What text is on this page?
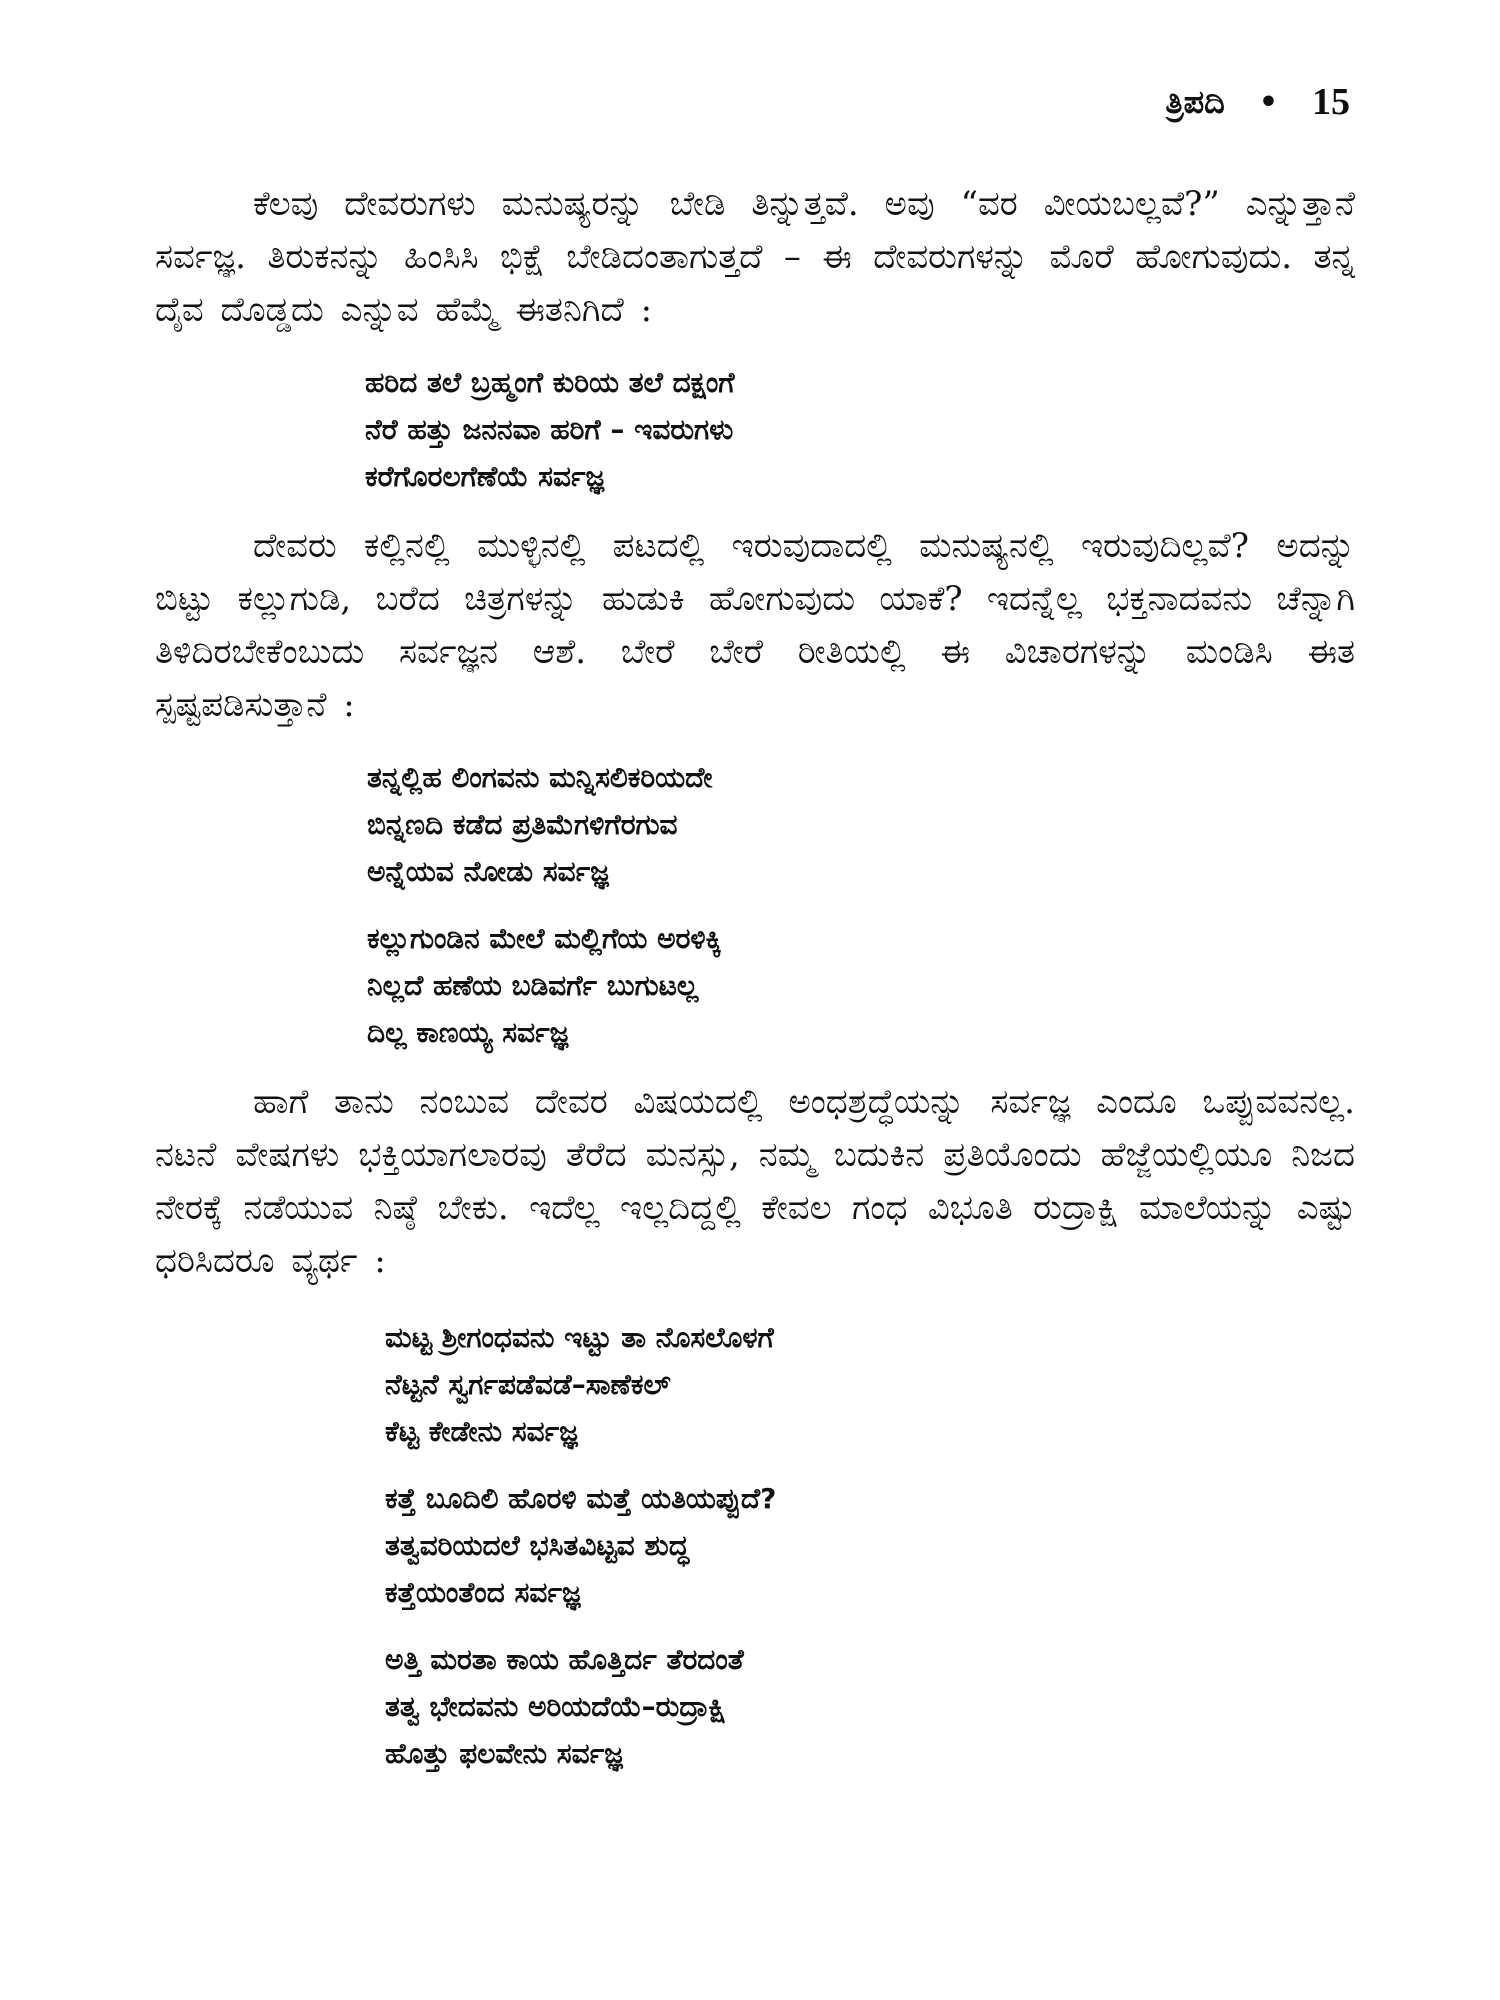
ತ್ರಿಪದಿ • 15

ಕೆಲವು ದೇವರುಗಳು ಮನುಷ್ಯರನ್ನು ಬೇಡಿ ತಿನ್ನುತ್ತವೆ. ಅವು “ವರ ವೀಯಬಲ್ಲವೆ?” ಎನ್ನುತ್ತಾನೆ ಸರ್ವಜ್ಞ. ತಿರುಕನನ್ನು ಹಿಂಸಿಸಿ ಭಿಕ್ಷೆ ಬೇಡಿದಂತಾಗುತ್ತದೆ – ಈ ದೇವರುಗಳನ್ನು ಮೊರೆ ಹೋಗುವುದು. ತನ್ನ ದೈವ ದೊಡ್ಡದು ಎನ್ನುವ ಹೆಮ್ಮೆ ಈತನಿಗಿದೆ :

ಹರಿದ ತಲೆ ಬ್ರಹ್ಮಂಗೆ ಕುರಿಯ ತಲೆ ದಕ್ಷಂಗೆ
ನೆರೆ ಹತ್ತು ಜನನವಾ ಹರಿಗೆ – ಇವರುಗಳು
ಕರೆಗೊರಲಗೆಣೆಯೆ ಸರ್ವಜ್ಞ

ದೇವರು ಕಲ್ಲಿನಲ್ಲಿ ಮುಳ್ಳಿನಲ್ಲಿ ಪಟದಲ್ಲಿ ಇರುವುದಾದಲ್ಲಿ ಮನುಷ್ಯನಲ್ಲಿ ಇರುವುದಿಲ್ಲವೆ? ಅದನ್ನು ಬಿಟ್ಟು ಕಲ್ಲುಗುಡಿ, ಬರೆದ ಚಿತ್ರಗಳನ್ನು ಹುಡುಕಿ ಹೋಗುವುದು ಯಾಕೆ? ಇದನ್ನೆಲ್ಲ ಭಕ್ತನಾದವನು ಚೆನ್ನಾಗಿ ತಿಳಿದಿರಬೇಕೆಂಬುದು ಸರ್ವಜ್ಞನ ಆಶೆ. ಬೇರೆ ಬೇರೆ ರೀತಿಯಲ್ಲಿ ಈ ವಿಚಾರಗಳನ್ನು ಮಂಡಿಸಿ ಈತ ಸ್ಪಷ್ಟಪಡಿಸುತ್ತಾನೆ :

ತನ್ನಲ್ಲಿಹ ಲಿಂಗವನು ಮನ್ನಿಸಲಿಕರಿಯದೇ
ಬಿನ್ನಣದಿ ಕಡೆದ ಪ್ರತಿಮೆಗಳಿಗೆರಗುವ
ಅನ್ನೆಯವ ನೋಡು ಸರ್ವಜ್ಞ
ಕಲ್ಲುಗುಂಡಿನ ಮೇಲೆ ಮಲ್ಲಿಗೆಯ ಅರಳಿಕ್ಕಿ
ನಿಲ್ಲದೆ ಹಣೆಯ ಬಡಿವರ್ಗೆ ಬುಗುಟಲ್ಲ
ದಿಲ್ಲ ಕಾಣಯ್ಯ ಸರ್ವಜ್ಞ

ಹಾಗೆ ತಾನು ನಂಬುವ ದೇವರ ವಿಷಯದಲ್ಲಿ ಅಂಧಶ್ರದ್ಧೆಯನ್ನು ಸರ್ವಜ್ಞ ಎಂದೂ ಒಪ್ಪುವವನಲ್ಲ. ನಟನೆ ವೇಷಗಳು ಭಕ್ತಿಯಾಗಲಾರವು ತೆರೆದ ಮನಸ್ಸು, ನಮ್ಮ ಬದುಕಿನ ಪ್ರತಿಯೊಂದು ಹೆಜ್ಜೆಯಲ್ಲಿಯೂ ನಿಜದ ನೇರಕ್ಕೆ ನಡೆಯುವ ನಿಷ್ಠೆ ಬೇಕು. ಇದೆಲ್ಲ ಇಲ್ಲದಿದ್ದಲ್ಲಿ ಕೇವಲ ಗಂಧ ವಿಭೂತಿ ರುದ್ರಾಕ್ಷಿ ಮಾಲೆಯನ್ನು ಎಷ್ಟು ಧರಿಸಿದರೂ ವ್ಯರ್ಥ :

ಮಟ್ಟ ಶ್ರೀಗಂಧವನು ಇಟ್ಟು ತಾ ನೊಸಲೊಳಗೆ
ನೆಟ್ಟನೆ ಸ್ವರ್ಗಪಡೆವಡೆ–ಸಾಣೆಕಲ್
ಕೆಟ್ಟ ಕೇಡೇನು ಸರ್ವಜ್ಞ
ಕತ್ತೆ ಬೂದಿಲಿ ಹೊರಳಿ ಮತ್ತೆ ಯತಿಯಪ್ಪುದೆ?
ತತ್ವವರಿಯದಲೆ ಭಸಿತವಿಟ್ಟವ ಶುದ್ಧ
ಕತ್ತೆಯಂತೆಂದ ಸರ್ವಜ್ಞ
ಅತ್ತಿ ಮರತಾ ಕಾಯ ಹೊತ್ತಿರ್ದ ತೆರದಂತೆ
ತತ್ವ ಭೇದವನು ಅರಿಯದೆಯೆ–ರುದ್ರಾಕ್ಷಿ
ಹೊತ್ತು ಫಲವೇನು ಸರ್ವಜ್ಞ
